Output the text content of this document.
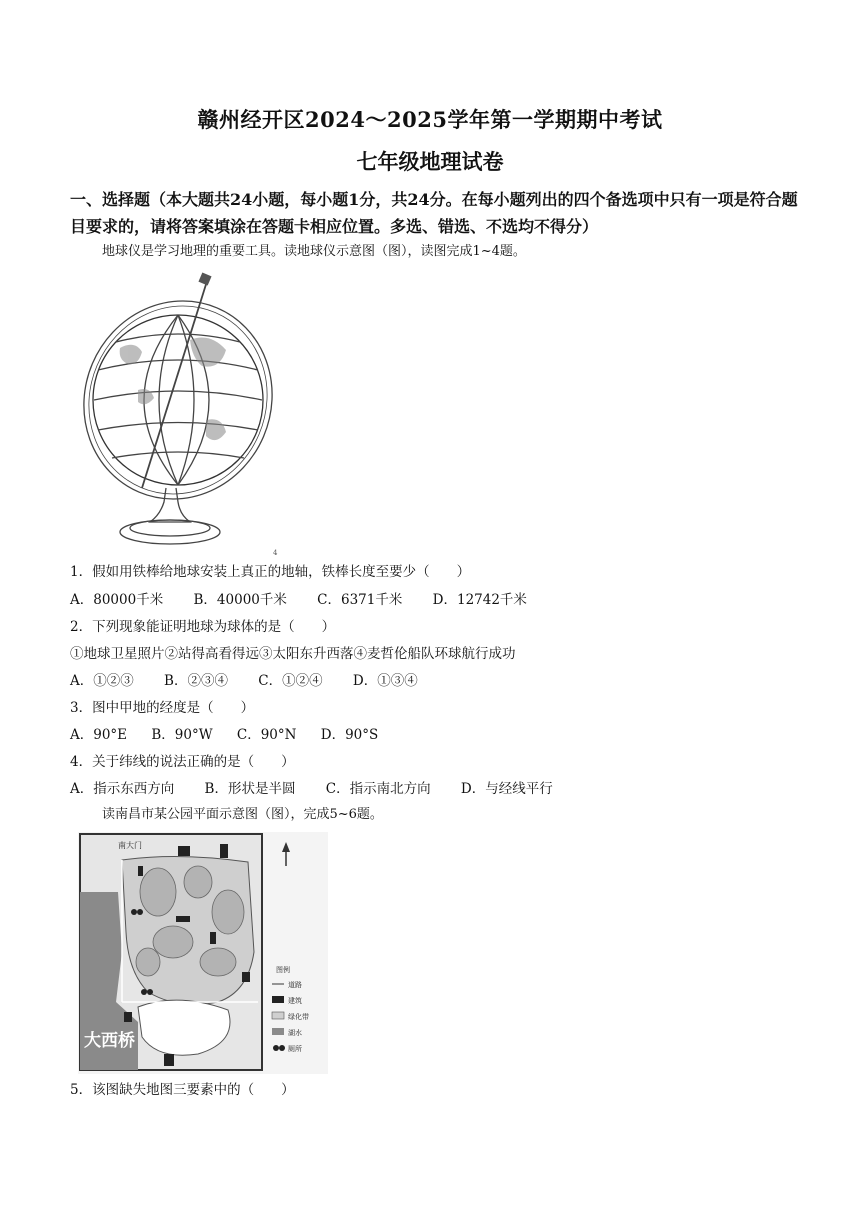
赣州经开区2024～2025学年第一学期期中考试
七年级地理试卷
一、选择题（本大题共24小题，每小题1分，共24分。在每小题列出的四个备选项中只有一项是符合题目要求的，请将答案填涂在答题卡相应位置。多选、错选、不选均不得分）
地球仪是学习地理的重要工具。读地球仪示意图（图），读图完成1~4题。
4
1．假如用铁棒给地球安装上真正的地轴，铁棒长度至要少（　　）
A．80000千米 B．40000千米 C．6371千米 D．12742千米
2．下列现象能证明地球为球体的是（　　）
①地球卫星照片②站得高看得远③太阳东升西落④麦哲伦船队环球航行成功
A．①②③ B．②③④ C．①②④ D．①③④
3．图中甲地的经度是（　　）
A．90°E B．90°W C．90°N D．90°S
4．关于纬线的说法正确的是（　　）
A．指示东西方向 B．形状是半圆 C．指示南北方向 D．与经线平行
读南昌市某公园平面示意图（图），完成5~6题。
南大门
大西桥
图例
道路
建筑
绿化带
湖水
厕所
5．该图缺失地图三要素中的（　　）
